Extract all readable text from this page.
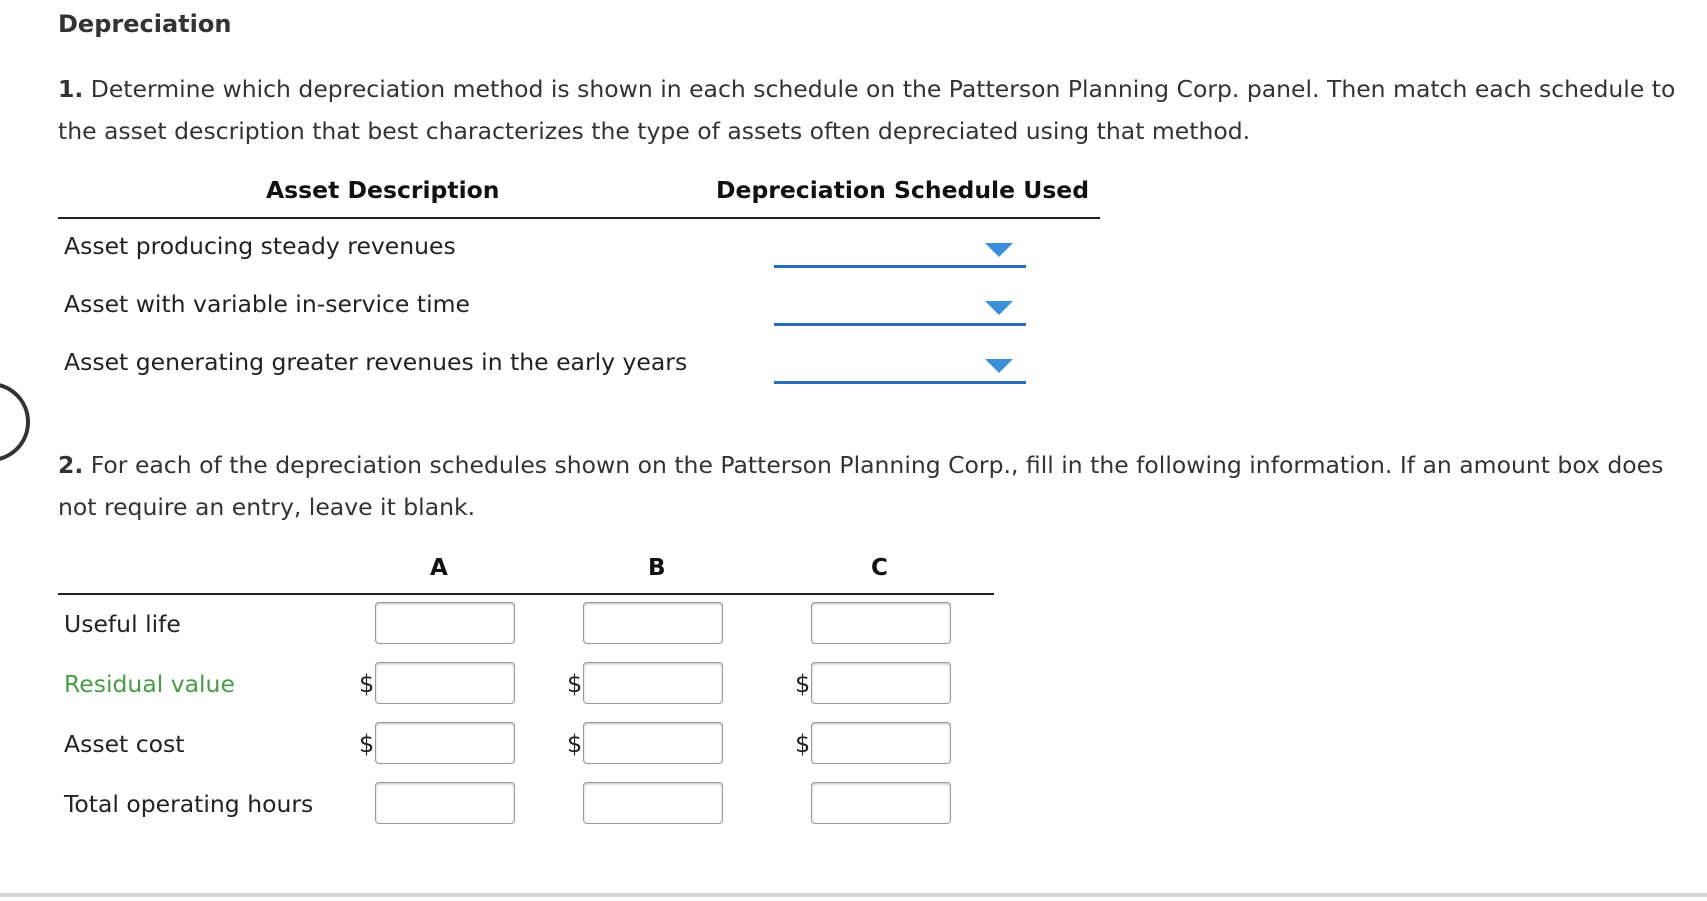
Depreciation
1. Determine which depreciation method is shown in each schedule on the Patterson Planning Corp. panel. Then match each schedule to the asset description that best characterizes the type of assets often depreciated using that method.
Asset Description	Depreciation Schedule Used
Asset producing steady revenues
Asset with variable in-service time
Asset generating greater revenues in the early years
2. For each of the depreciation schedules shown on the Patterson Planning Corp., fill in the following information. If an amount box does not require an entry, leave it blank.
A	B	C
Useful life
Residual value	$	$	$
Asset cost	$	$	$
Total operating hours
